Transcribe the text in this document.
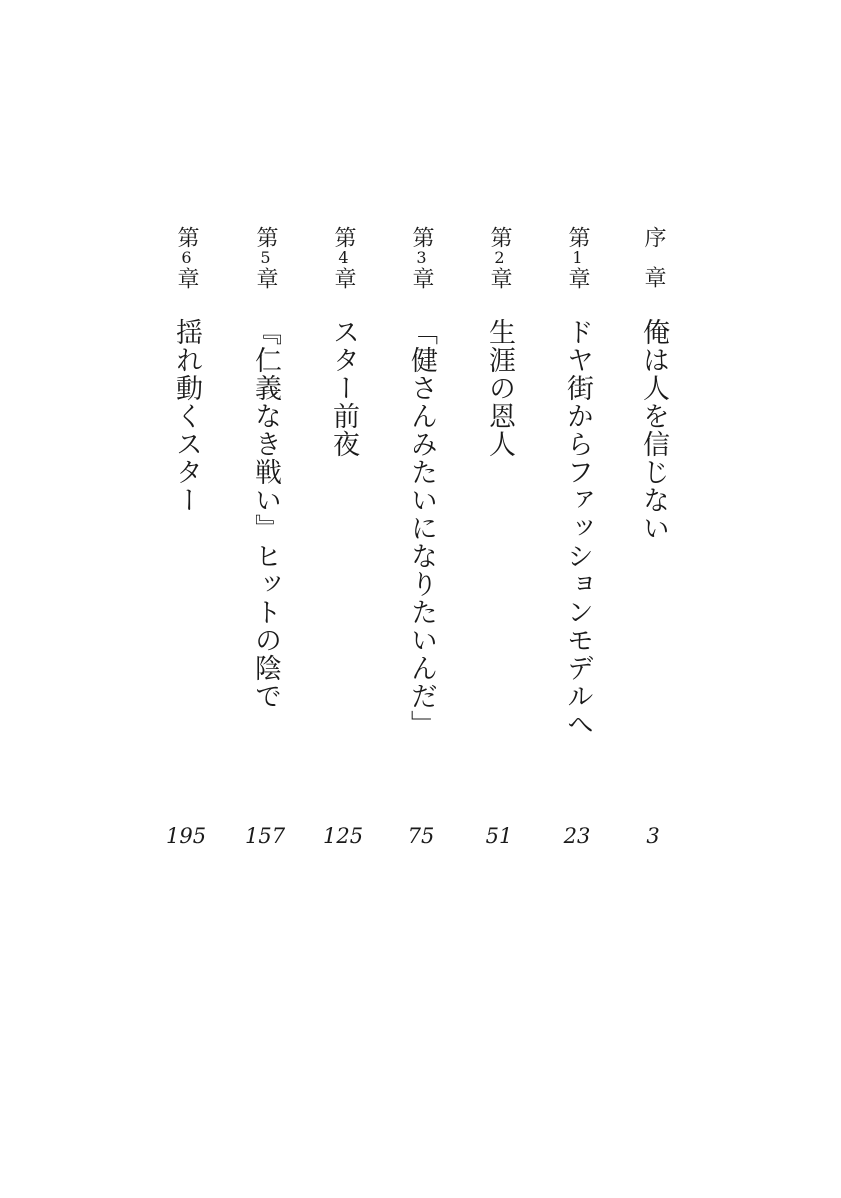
序章
俺は人を信じない
3
第1章
ドヤ街からファッションモデルへ
23
第2章
生涯の恩人
51
第3章
「健さんみたいになりたいんだ」
75
第4章
スター前夜
125
第5章
『仁義なき戦い』ヒットの陰で
157
第6章
揺れ動くスター
195
